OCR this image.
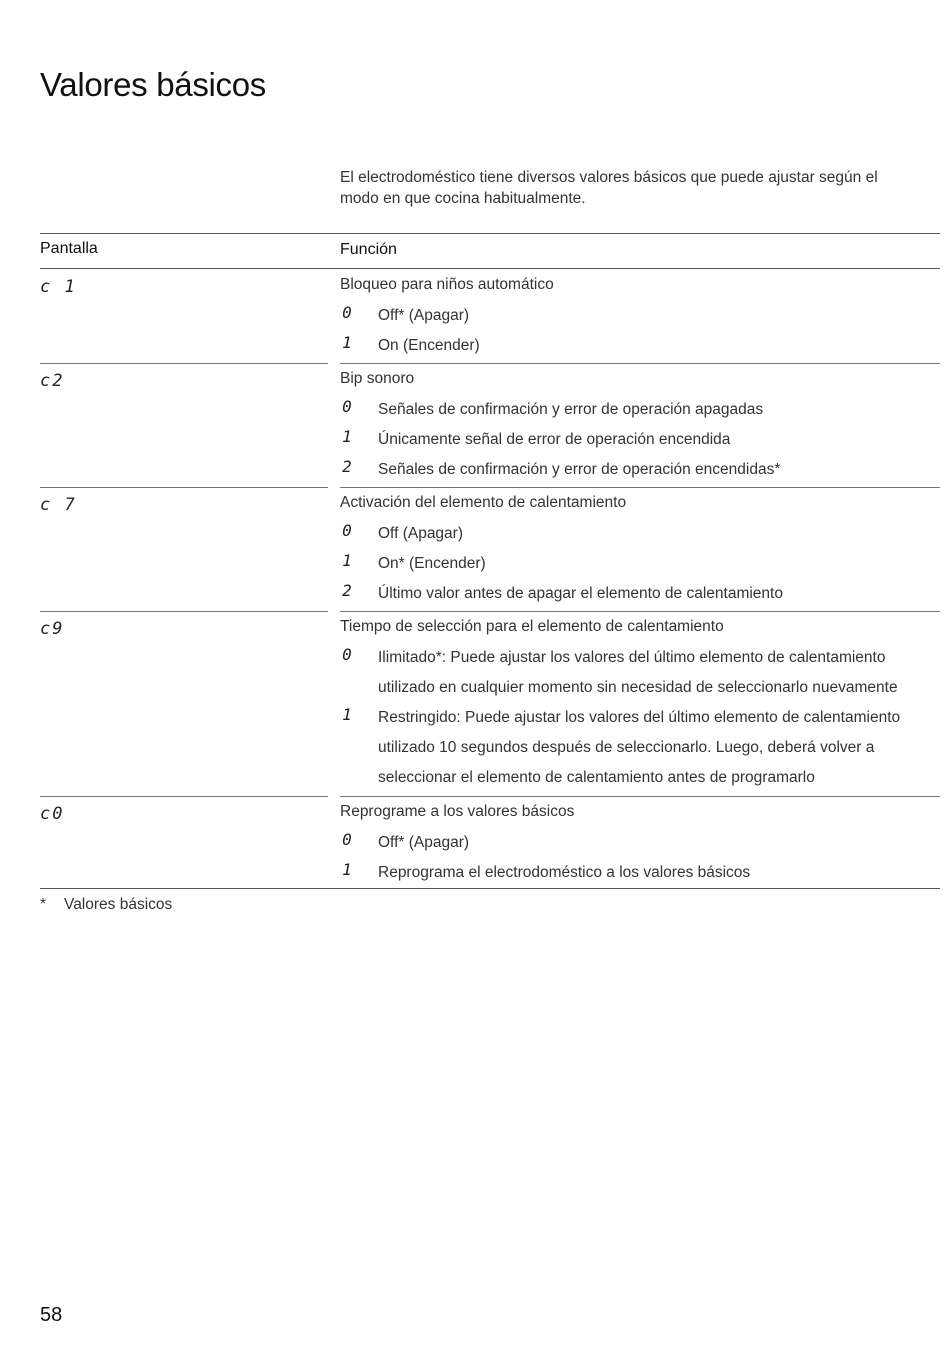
Valores básicos
El electrodoméstico tiene diversos valores básicos que puede ajustar según el modo en que cocina habitualmente.
Pantalla	Función
c 1	Bloqueo para niños automático
0 Off* (Apagar)
1 On (Encender)
c2	Bip sonoro
0 Señales de confirmación y error de operación apagadas
1 Únicamente señal de error de operación encendida
2 Señales de confirmación y error de operación encendidas*
c 7	Activación del elemento de calentamiento
0 Off (Apagar)
1 On* (Encender)
2 Último valor antes de apagar el elemento de calentamiento
c9	Tiempo de selección para el elemento de calentamiento
0 Ilimitado*: Puede ajustar los valores del último elemento de calentamiento utilizado en cualquier momento sin necesidad de seleccionarlo nuevamente
1 Restringido: Puede ajustar los valores del último elemento de calentamiento utilizado 10 segundos después de seleccionarlo. Luego, deberá volver a seleccionar el elemento de calentamiento antes de programarlo
c0	Reprograme a los valores básicos
0 Off* (Apagar)
1 Reprograma el electrodoméstico a los valores básicos
* Valores básicos
58
